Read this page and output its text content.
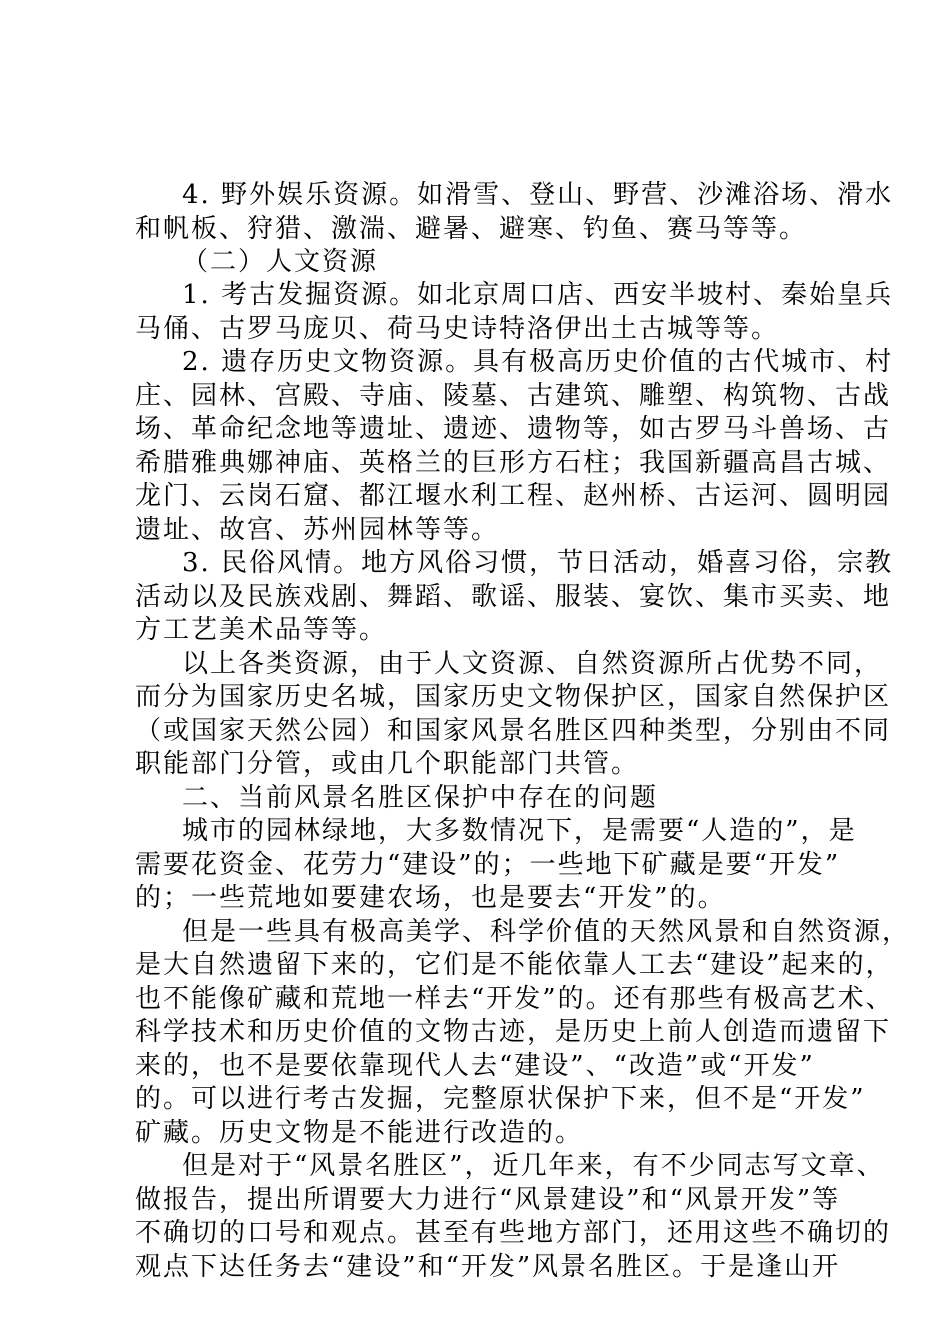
4. 野外娱乐资源。如滑雪、登山、野营、沙滩浴场、滑水
和帆板、狩猎、激湍、避暑、避寒、钓鱼、赛马等等。
（二）人文资源
1. 考古发掘资源。如北京周口店、西安半坡村、秦始皇兵
马俑、古罗马庞贝、荷马史诗特洛伊出土古城等等。
2. 遗存历史文物资源。具有极高历史价值的古代城市、村
庄、园林、宫殿、寺庙、陵墓、古建筑、雕塑、构筑物、古战
场、革命纪念地等遗址、遗迹、遗物等，如古罗马斗兽场、古
希腊雅典娜神庙、英格兰的巨形方石柱；我国新疆高昌古城、
龙门、云岗石窟、都江堰水利工程、赵州桥、古运河、圆明园
遗址、故宫、苏州园林等等。
3. 民俗风情。地方风俗习惯，节日活动，婚喜习俗，宗教
活动以及民族戏剧、舞蹈、歌谣、服装、宴饮、集市买卖、地
方工艺美术品等等。
以上各类资源，由于人文资源、自然资源所占优势不同，
而分为国家历史名城，国家历史文物保护区，国家自然保护区
（或国家天然公园）和国家风景名胜区四种类型，分别由不同
职能部门分管，或由几个职能部门共管。
二、当前风景名胜区保护中存在的问题
城市的园林绿地，大多数情况下，是需要“人造的”，是
需要花资金、花劳力“建设”的；一些地下矿藏是要“开发”
的；一些荒地如要建农场，也是要去“开发”的。
但是一些具有极高美学、科学价值的天然风景和自然资源，
是大自然遗留下来的，它们是不能依靠人工去“建设”起来的，
也不能像矿藏和荒地一样去“开发”的。还有那些有极高艺术、
科学技术和历史价值的文物古迹，是历史上前人创造而遗留下
来的，也不是要依靠现代人去“建设”、“改造”或“开发”
的。可以进行考古发掘，完整原状保护下来，但不是“开发”
矿藏。历史文物是不能进行改造的。
但是对于“风景名胜区”，近几年来，有不少同志写文章、
做报告，提出所谓要大力进行“风景建设”和“风景开发”等
不确切的口号和观点。甚至有些地方部门，还用这些不确切的
观点下达任务去“建设”和“开发”风景名胜区。于是逢山开
